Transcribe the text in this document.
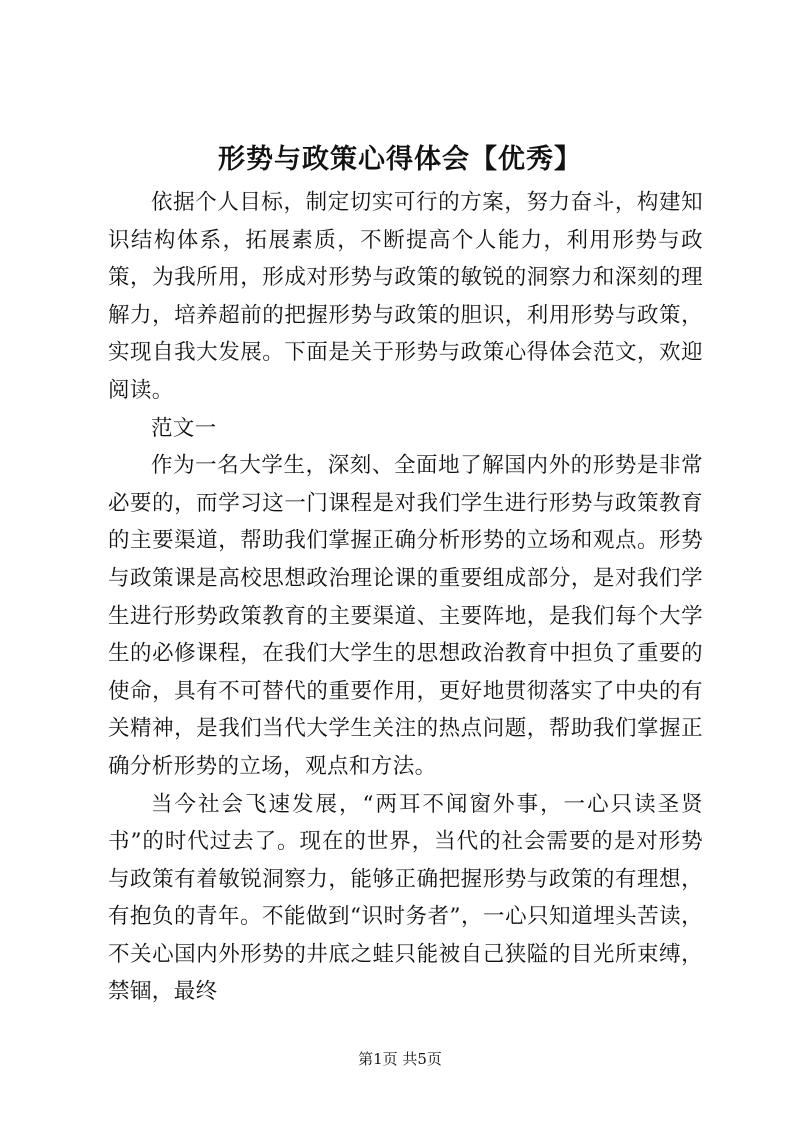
形势与政策心得体会【优秀】

依据个人目标，制定切实可行的方案，努力奋斗，构建知识结构体系，拓展素质，不断提高个人能力，利用形势与政策，为我所用，形成对形势与政策的敏锐的洞察力和深刻的理解力，培养超前的把握形势与政策的胆识，利用形势与政策，实现自我大发展。下面是关于形势与政策心得体会范文，欢迎阅读。

范文一

作为一名大学生，深刻、全面地了解国内外的形势是非常必要的，而学习这一门课程是对我们学生进行形势与政策教育的主要渠道，帮助我们掌握正确分析形势的立场和观点。形势与政策课是高校思想政治理论课的重要组成部分，是对我们学生进行形势政策教育的主要渠道、主要阵地，是我们每个大学生的必修课程，在我们大学生的思想政治教育中担负了重要的使命，具有不可替代的重要作用，更好地贯彻落实了中央的有关精神，是我们当代大学生关注的热点问题，帮助我们掌握正确分析形势的立场，观点和方法。

当今社会飞速发展，“两耳不闻窗外事，一心只读圣贤书”的时代过去了。现在的世界，当代的社会需要的是对形势与政策有着敏锐洞察力，能够正确把握形势与政策的有理想，有抱负的青年。不能做到“识时务者”，一心只知道埋头苦读，不关心国内外形势的井底之蛙只能被自己狭隘的目光所束缚，禁锢，最终

第1页 共5页
